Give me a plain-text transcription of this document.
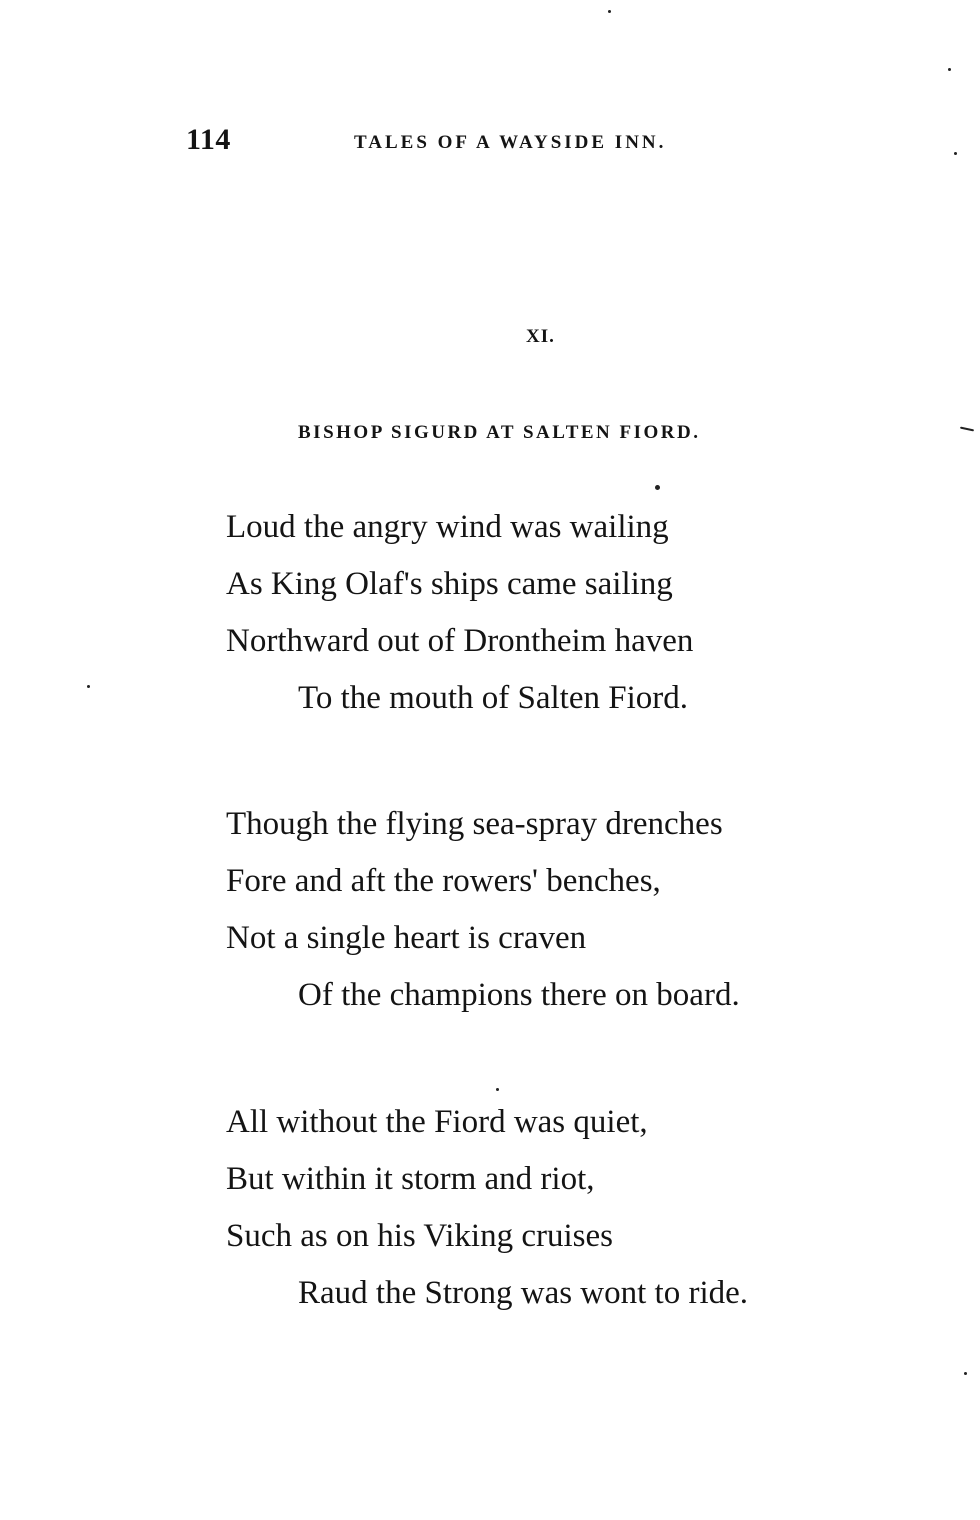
114	TALES OF A WAYSIDE INN.
XI.
BISHOP SIGURD AT SALTEN FIORD.
Loud the angry wind was wailing
As King Olaf's ships came sailing
Northward out of Drontheim haven
To the mouth of Salten Fiord.
Though the flying sea-spray drenches
Fore and aft the rowers' benches,
Not a single heart is craven
Of the champions there on board.
All without the Fiord was quiet,
But within it storm and riot,
Such as on his Viking cruises
Raud the Strong was wont to ride.
